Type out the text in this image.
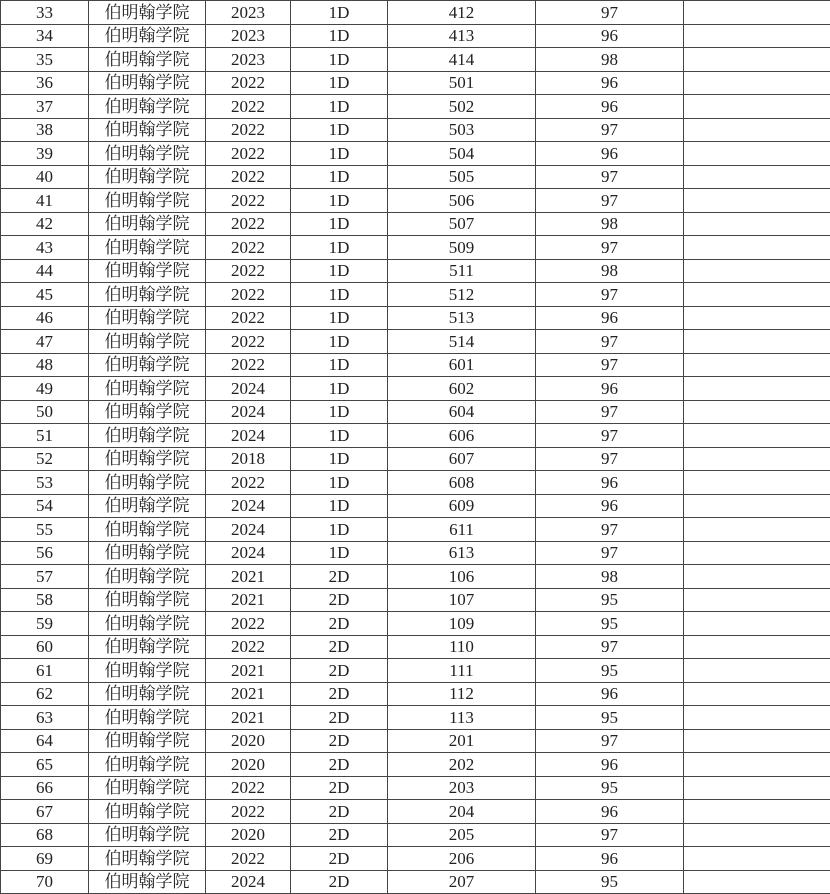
33	伯明翰学院	2023	1D	412	97	
34	伯明翰学院	2023	1D	413	96	
35	伯明翰学院	2023	1D	414	98	
36	伯明翰学院	2022	1D	501	96	
37	伯明翰学院	2022	1D	502	96	
38	伯明翰学院	2022	1D	503	97	
39	伯明翰学院	2022	1D	504	96	
40	伯明翰学院	2022	1D	505	97	
41	伯明翰学院	2022	1D	506	97	
42	伯明翰学院	2022	1D	507	98	
43	伯明翰学院	2022	1D	509	97	
44	伯明翰学院	2022	1D	511	98	
45	伯明翰学院	2022	1D	512	97	
46	伯明翰学院	2022	1D	513	96	
47	伯明翰学院	2022	1D	514	97	
48	伯明翰学院	2022	1D	601	97	
49	伯明翰学院	2024	1D	602	96	
50	伯明翰学院	2024	1D	604	97	
51	伯明翰学院	2024	1D	606	97	
52	伯明翰学院	2018	1D	607	97	
53	伯明翰学院	2022	1D	608	96	
54	伯明翰学院	2024	1D	609	96	
55	伯明翰学院	2024	1D	611	97	
56	伯明翰学院	2024	1D	613	97	
57	伯明翰学院	2021	2D	106	98	
58	伯明翰学院	2021	2D	107	95	
59	伯明翰学院	2022	2D	109	95	
60	伯明翰学院	2022	2D	110	97	
61	伯明翰学院	2021	2D	111	95	
62	伯明翰学院	2021	2D	112	96	
63	伯明翰学院	2021	2D	113	95	
64	伯明翰学院	2020	2D	201	97	
65	伯明翰学院	2020	2D	202	96	
66	伯明翰学院	2022	2D	203	95	
67	伯明翰学院	2022	2D	204	96	
68	伯明翰学院	2020	2D	205	97	
69	伯明翰学院	2022	2D	206	96	
70	伯明翰学院	2024	2D	207	95	
